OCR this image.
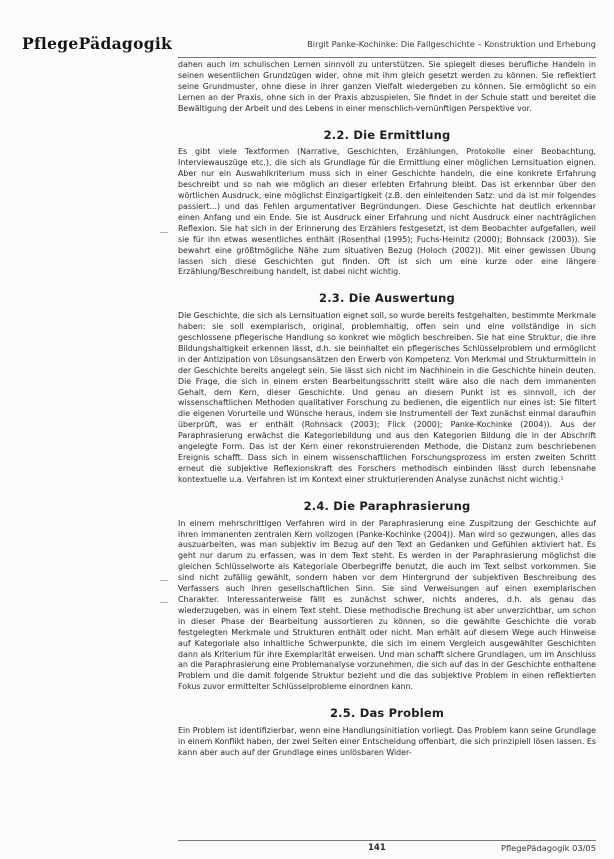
PflegePädagogik	Birgit Panke-Kochinke: Die Fallgeschichte – Konstruktion und Erhebung

dahen auch im schulischen Lernen sinnvoll zu unterstützen. Sie spiegelt dieses berufliche Handeln in seinen wesentlichen Grundzügen wider, ohne mit ihm gleich gesetzt werden zu können. Sie reflektiert seine Grundmuster, ohne diese in ihrer ganzen Vielfalt wiedergeben zu können. Sie ermöglicht so ein Lernen an der Praxis, ohne sich in der Praxis abzuspielen. Sie findet in der Schule statt und bereitet die Bewältigung der Arbeit und des Lebens in einer menschlich-vernünftigen Perspektive vor.

2.2. Die Ermittlung

Es gibt viele Textformen (Narrative, Geschichten, Erzählungen, Protokolle einer Beobachtung, Interviewauszüge etc.), die sich als Grundlage für die Ermittlung einer möglichen Lernsituation eignen. Aber nur ein Auswahlkriterium muss sich in einer Geschichte handeln, die eine konkrete Erfahrung beschreibt und so nah wie möglich an dieser erlebten Erfahrung bleibt. Das ist erkennbar über den wörtlichen Ausdruck, eine möglichst Einzigartigkeit (z.B. den einleitenden Satz: und da ist mir folgendes passiert...) und das Fehlen argumentativer Begründungen. Diese Geschichte hat deutlich erkennbar einen Anfang und ein Ende. Sie ist Ausdruck einer Erfahrung und nicht Ausdruck einer nachträglichen Reflexion. Sie hat sich in der Erinnerung des Erzählers festgesetzt, ist dem Beobachter aufgefallen, weil sie für ihn etwas wesentliches enthält (Rosenthal (1995); Fuchs-Heinitz (2000); Bohnsack (2003)). Sie bewahrt eine größtmögliche Nähe zum situativen Bezug (Holoch (2002)). Mit einer gewissen Übung lassen sich diese Geschichten gut finden. Oft ist sich um eine kurze oder eine längere Erzählung/Beschreibung handelt, ist dabei nicht wichtig.

2.3. Die Auswertung

Die Geschichte, die sich als Lernsituation eignet soll, so wurde bereits festgehalten, bestimmte Merkmale haben: sie soll exemplarisch, original, problemhaltig, offen sein und eine vollständige in sich geschlossene pflegerische Handlung so konkret wie möglich beschreiben. Sie hat eine Struktur, die ihre Bildungshaltigkeit erkennen lässt, d.h. sie beinhaltet ein pflegerisches Schlüsselproblem und ermöglicht in der Antizipation von Lösungsansätzen den Erwerb von Kompetenz. Von Merkmal und Strukturmitteln in der Geschichte bereits angelegt sein. Sie lässt sich nicht im Nachhinein in die Geschichte hinein deuten. Die Frage, die sich in einem ersten Bearbeitungsschritt stellt wäre also die nach dem immanenten Gehalt, dem Kern, dieser Geschichte. Und genau an diesem Punkt ist es sinnvoll, ich der wissenschaftlichen Methoden qualitativer Forschung zu bedienen, die eigentlich nur eines ist: Sie filtert die eigenen Vorurteile und Wünsche heraus, indem sie Instrumentell der Text zunächst einmal daraufhin überprüft, was er enthält (Rohnsack (2003); Flick (2000); Panke-Kochinke (2004)). Aus der Paraphrasierung erwächst die Kategoriebildung und aus den Kategorien Bildung die in der Abschrift angelegte Form. Das ist der Kern einer rekonstruierenden Methode, die Distanz zum beschriebenen Ereignis schafft. Dass sich in einem wissenschaftlichen Forschungsprozess im ersten zweiten Schritt erneut die subjektive Reflexionskraft des Forschers methodisch einbinden lässt durch lebensnahe kontextuelle u.a. Verfahren ist im Kontext einer strukturierenden Analyse zunächst nicht wichtig.¹

2.4. Die Paraphrasierung

In einem mehrschrittigen Verfahren wird in der Paraphrasierung eine Zuspitzung der Geschichte auf ihren immanenten zentralen Kern vollzogen (Panke-Kochinke (2004)). Man wird so gezwungen, alles das auszuarbeiten, was man subjektiv im Bezug auf den Text an Gedanken und Gefühlen aktiviert hat. Es geht nur darum zu erfassen, was in dem Text steht. Es werden in der Paraphrasierung möglichst die gleichen Schlüsselworte als Kategoriale Oberbegriffe benutzt, die auch im Text selbst vorkommen. Sie sind nicht zufällig gewählt, sondern haben vor dem Hintergrund der subjektiven Beschreibung des Verfassers auch ihren gesellschaftlichen Sinn. Sie sind Verweisungen auf einen exemplarischen Charakter. Interessanterweise fällt es zunächst schwer, nichts anderes, d.h. als genau das wiederzugeben, was in einem Text steht. Diese methodische Brechung ist aber unverzichtbar, um schon in dieser Phase der Bearbeitung aussortieren zu können, so die gewählte Geschichte die vorab festgelegten Merkmale und Strukturen enthält oder nicht. Man erhält auf diesem Wege auch Hinweise auf Kategoriale also inhaltliche Schwerpunkte, die sich im einem Vergleich ausgewählter Geschichten dann als Kriterium für ihre Exemplarität erweisen. Und man schafft sichere Grundlagen, um im Anschluss an die Paraphrasierung eine Problemanalyse vorzunehmen, die sich auf das in der Geschichte enthaltene Problem und die damit folgende Struktur bezieht und die das subjektive Problem in einen reflektierten Fokus zuvor ermittelter Schlüsselprobleme einordnen kann.

2.5. Das Problem

Ein Problem ist identifizierbar, wenn eine Handlungsinitiation vorliegt. Das Problem kann seine Grundlage in einem Konflikt haben, der zwei Seiten einer Entscheidung offenbart, die sich prinzipiell lösen lassen. Es kann aber auch auf der Grundlage eines unlösbaren Wider-

141	PflegePädagogik 03/05
